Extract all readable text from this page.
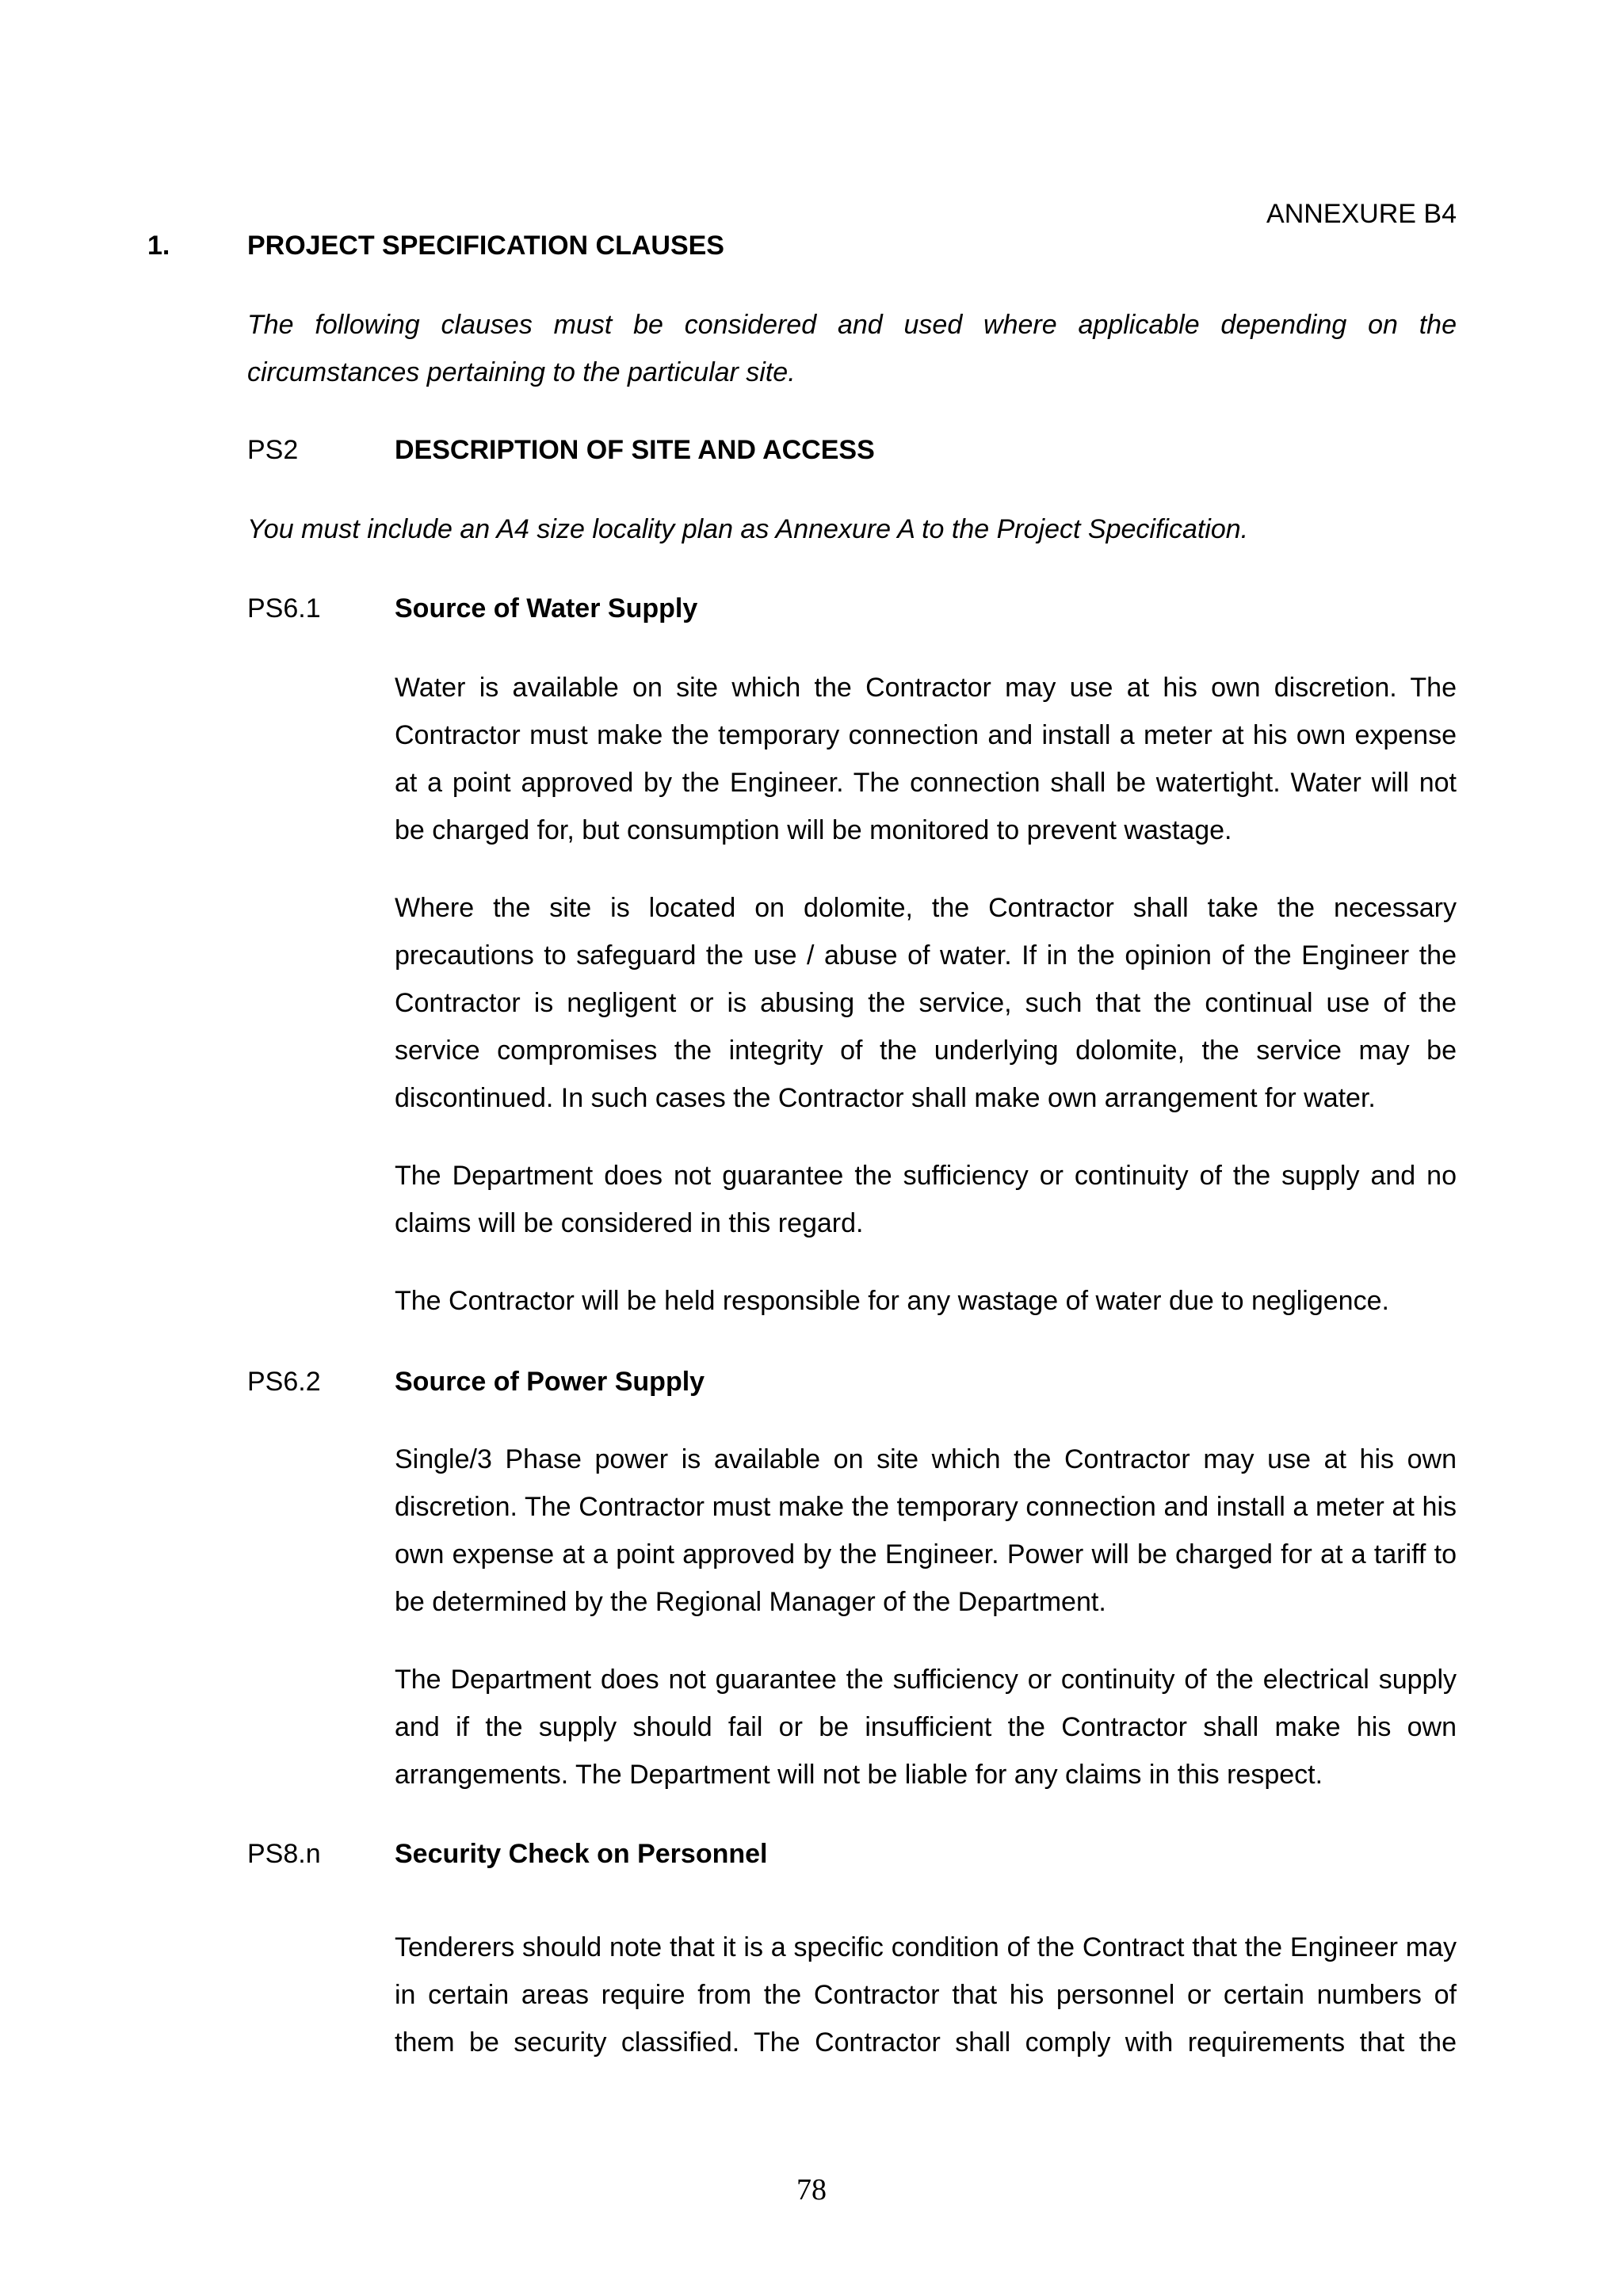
ANNEXURE B4
1.	PROJECT SPECIFICATION CLAUSES
The following clauses must be considered and used where applicable depending on the circumstances pertaining to the particular site.
PS2	DESCRIPTION OF SITE AND ACCESS
You must include an A4 size locality plan as Annexure A to the Project Specification.
PS6.1	Source of Water Supply
Water is available on site which the Contractor may use at his own discretion. The Contractor must make the temporary connection and install a meter at his own expense at a point approved by the Engineer. The connection shall be watertight. Water will not be charged for, but consumption will be monitored to prevent wastage.
Where the site is located on dolomite, the Contractor shall take the necessary precautions to safeguard the use / abuse of water. If in the opinion of the Engineer the Contractor is negligent or is abusing the service, such that the continual use of the service compromises the integrity of the underlying dolomite, the service may be discontinued. In such cases the Contractor shall make own arrangement for water.
The Department does not guarantee the sufficiency or continuity of the supply and no claims will be considered in this regard.
The Contractor will be held responsible for any wastage of water due to negligence.
PS6.2	Source of Power Supply
Single/3 Phase power is available on site which the Contractor may use at his own discretion. The Contractor must make the temporary connection and install a meter at his own expense at a point approved by the Engineer. Power will be charged for at a tariff to be determined by the Regional Manager of the Department.
The Department does not guarantee the sufficiency or continuity of the electrical supply and if the supply should fail or be insufficient the Contractor shall make his own arrangements. The Department will not be liable for any claims in this respect.
PS8.n	Security Check on Personnel
Tenderers should note that it is a specific condition of the Contract that the Engineer may in certain areas require from the Contractor that his personnel or certain numbers of them be security classified. The Contractor shall comply with requirements that the
78
